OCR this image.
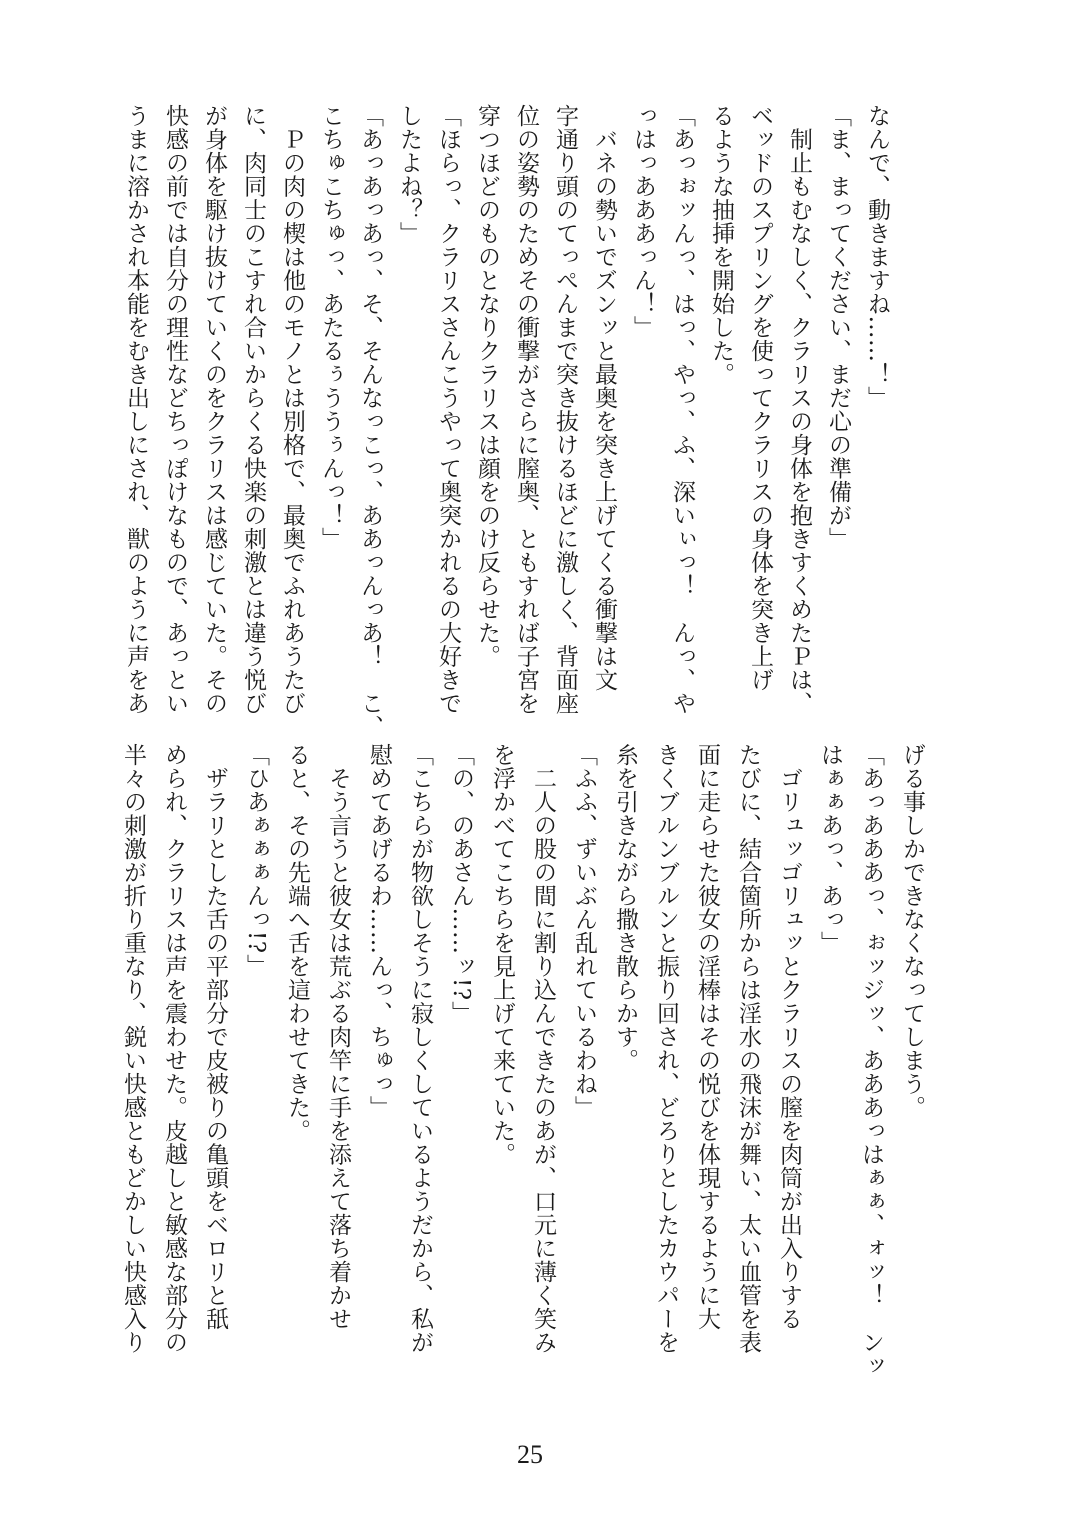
なんで、動きますね……！」
「ま、まってください、まだ心の準備が」
　制止もむなしく、クラリスの身体を抱きすくめたＰは、
ベッドのスプリングを使ってクラリスの身体を突き上げ
るような抽挿を開始した。
「あっぉッんっ、はっ、やっ、ふ、深いぃっ！　んっ、や
っはっあああっん！」
　バネの勢いでズンッと最奥を突き上げてくる衝撃は文
字通り頭のてっぺんまで突き抜けるほどに激しく、背面座
位の姿勢のためその衝撃がさらに膣奥、ともすれば子宮を
穿つほどのものとなりクラリスは顔をのけ反らせた。
「ほらっ、クラリスさんこうやって奥突かれるの大好きで
したよね？」
「あっあっあっ、そ、そんなっこっ、ああっんっあ！　こ、
こちゅこちゅっ、あたるぅううぅんっ！」
　Ｐの肉の楔は他のモノとは別格で、最奥でふれあうたび
に、肉同士のこすれ合いからくる快楽の刺激とは違う悦び
が身体を駆け抜けていくのをクラリスは感じていた。その
快感の前では自分の理性などちっぽけなもので、あっとい
うまに溶かされ本能をむき出しにされ、獣のように声をあ
げる事しかできなくなってしまう。
「あっあああっ、ぉッジッ、あああっはぁぁ、ォッ！　ンッ
はぁぁあっ、あっ」
　ゴリュッゴリュッとクラリスの膣を肉筒が出入りする
たびに、結合箇所からは淫水の飛沫が舞い、太い血管を表
面に走らせた彼女の淫棒はその悦びを体現するように大
きくブルンブルンと振り回され、どろりとしたカウパーを
糸を引きながら撒き散らかす。
「ふふ、ずいぶん乱れているわね」
　二人の股の間に割り込んできたのあが、口元に薄く笑み
を浮かべてこちらを見上げて来ていた。
「の、のあさん……ッ!?」
「こちらが物欲しそうに寂しくしているようだから、私が
慰めてあげるわ……んっ、ちゅっ」
　そう言うと彼女は荒ぶる肉竿に手を添えて落ち着かせ
ると、その先端へ舌を這わせてきた。
「ひあぁぁぁんっ!?」
　ザラリとした舌の平部分で皮被りの亀頭をベロリと舐
められ、クラリスは声を震わせた。皮越しと敏感な部分の
半々の刺激が折り重なり、鋭い快感ともどかしい快感入り
25
